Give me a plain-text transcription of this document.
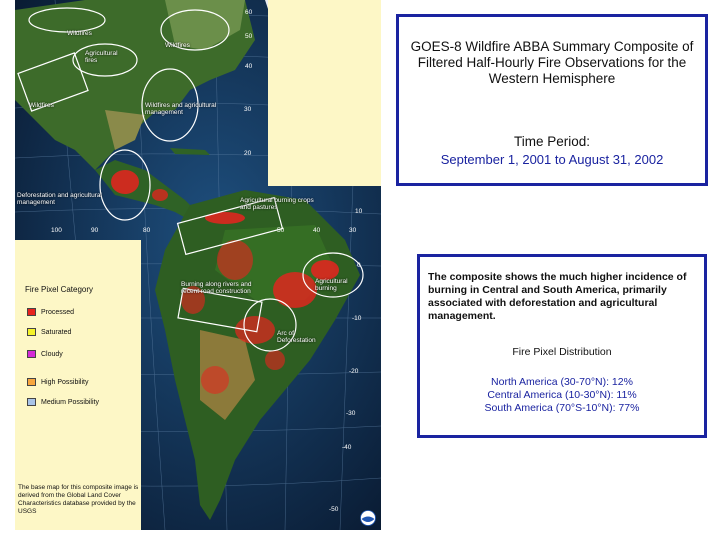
Wildfires
Wildfires
Agricultural fires
Wildfires	Wildfires and agricultural management
Deforestation and agricultural management	Agricultural burning crops and pastures
Burning along rivers and recent road construction
Agricultural burning
Arc of Deforestation
60
50
40
30
20
10
0
-10
-20
-30
-40
-50
100	90	80	50	40	30
Fire Pixel Category
Processed
Saturated
Cloudy
High Possibility
Medium Possibility
The base map for this composite image is derived from the Global Land Cover Characteristics database provided by the USGS
GOES-8 Wildfire ABBA Summary Composite of Filtered Half-Hourly Fire Observations for the Western Hemisphere
Time Period:
September 1, 2001 to August 31, 2002
The composite shows the much higher incidence of burning in Central and South America, primarily associated with deforestation and agricultural management.
Fire Pixel Distribution
North America (30-70°N): 12%
Central America (10-30°N): 11%
South America (70°S-10°N): 77%
